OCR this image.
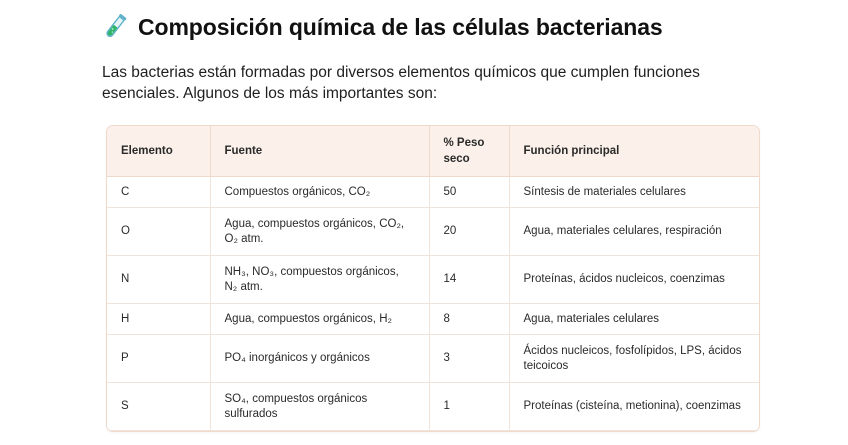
Composición química de las células bacterianas

Las bacterias están formadas por diversos elementos químicos que cumplen funciones esenciales. Algunos de los más importantes son:

Elemento	Fuente	% Peso seco	Función principal
C	Compuestos orgánicos, CO₂	50	Síntesis de materiales celulares
O	Agua, compuestos orgánicos, CO₂, O₂ atm.	20	Agua, materiales celulares, respiración
N	NH₃, NO₃, compuestos orgánicos, N₂ atm.	14	Proteínas, ácidos nucleicos, coenzimas
H	Agua, compuestos orgánicos, H₂	8	Agua, materiales celulares
P	PO₄ inorgánicos y orgánicos	3	Ácidos nucleicos, fosfolípidos, LPS, ácidos teicoicos
S	SO₄, compuestos orgánicos sulfurados	1	Proteínas (cisteína, metionina), coenzimas
